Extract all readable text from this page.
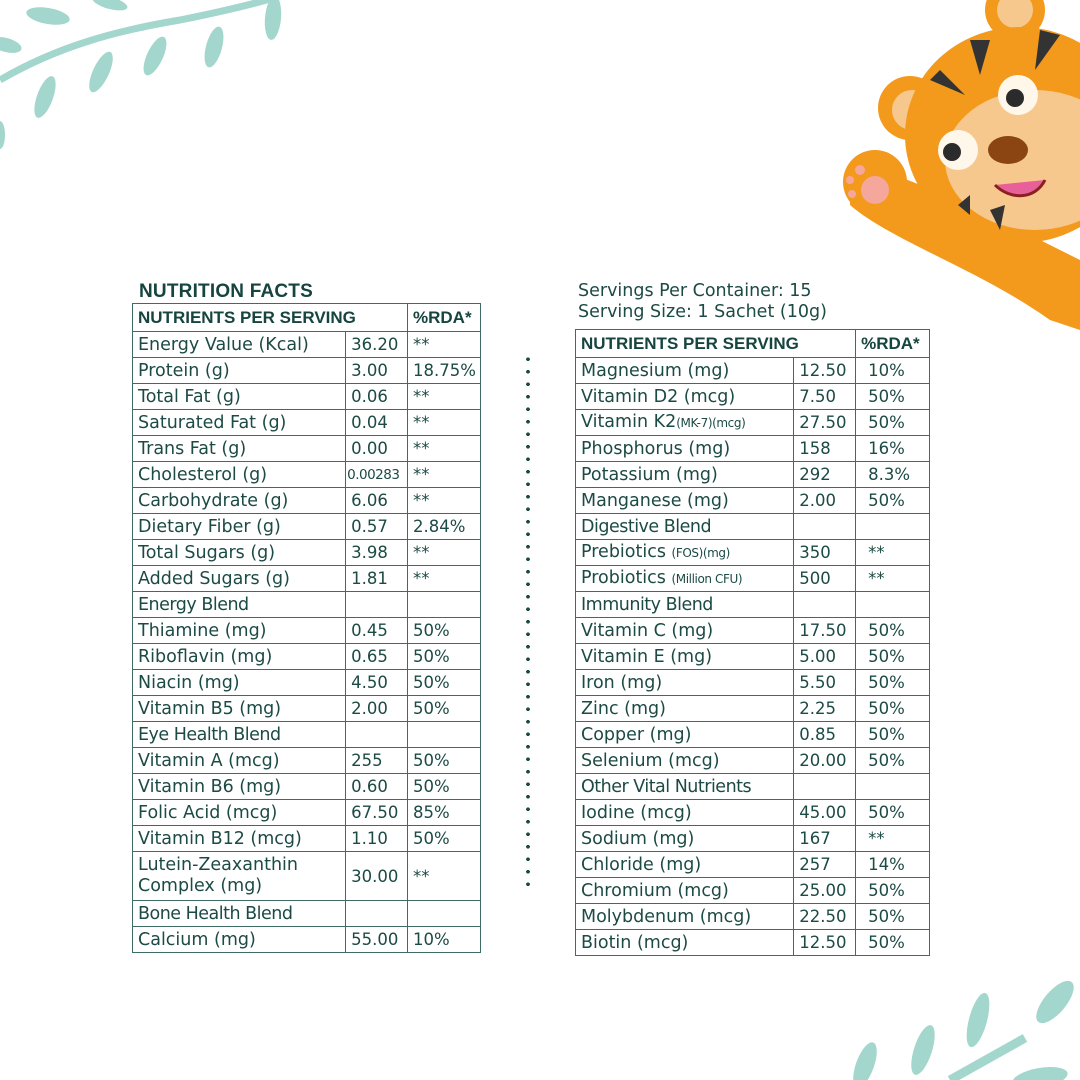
NUTRITION FACTS	Servings Per Container: 15
Serving Size: 1 Sachet (10g)
NUTRIENTS PER SERVING		%RDA*
Energy Value (Kcal)	36.20	**
Protein (g)	3.00	18.75%
Total Fat (g)	0.06	**
Saturated Fat (g)	0.04	**
Trans Fat (g)	0.00	**
Cholesterol (g)	0.00283	**
Carbohydrate (g)	6.06	**
Dietary Fiber (g)	0.57	2.84%
Total Sugars (g)	3.98	**
Added Sugars (g)	1.81	**
Energy Blend		
Thiamine (mg)	0.45	50%
Riboflavin (mg)	0.65	50%
Niacin (mg)	4.50	50%
Vitamin B5 (mg)	2.00	50%
Eye Health Blend		
Vitamin A (mcg)	255	50%
Vitamin B6 (mg)	0.60	50%
Folic Acid (mcg)	67.50	85%
Vitamin B12 (mcg)	1.10	50%
Lutein-Zeaxanthin
Complex (mg)	30.00	**
Bone Health Blend		
Calcium (mg)	55.00	10%
NUTRIENTS PER SERVING		%RDA*
Magnesium (mg)	12.50	10%
Vitamin D2 (mcg)	7.50	50%
Vitamin K2(MK-7)(mcg)	27.50	50%
Phosphorus (mg)	158	16%
Potassium (mg)	292	8.3%
Manganese (mg)	2.00	50%
Digestive Blend		
Prebiotics (FOS)(mg)	350	**
Probiotics (Million CFU)	500	**
Immunity Blend		
Vitamin C (mg)	17.50	50%
Vitamin E (mg)	5.00	50%
Iron (mg)	5.50	50%
Zinc (mg)	2.25	50%
Copper (mg)	0.85	50%
Selenium (mcg)	20.00	50%
Other Vital Nutrients		
Iodine (mcg)	45.00	50%
Sodium (mg)	167	**
Chloride (mg)	257	14%
Chromium (mcg)	25.00	50%
Molybdenum (mcg)	22.50	50%
Biotin (mcg)	12.50	50%
